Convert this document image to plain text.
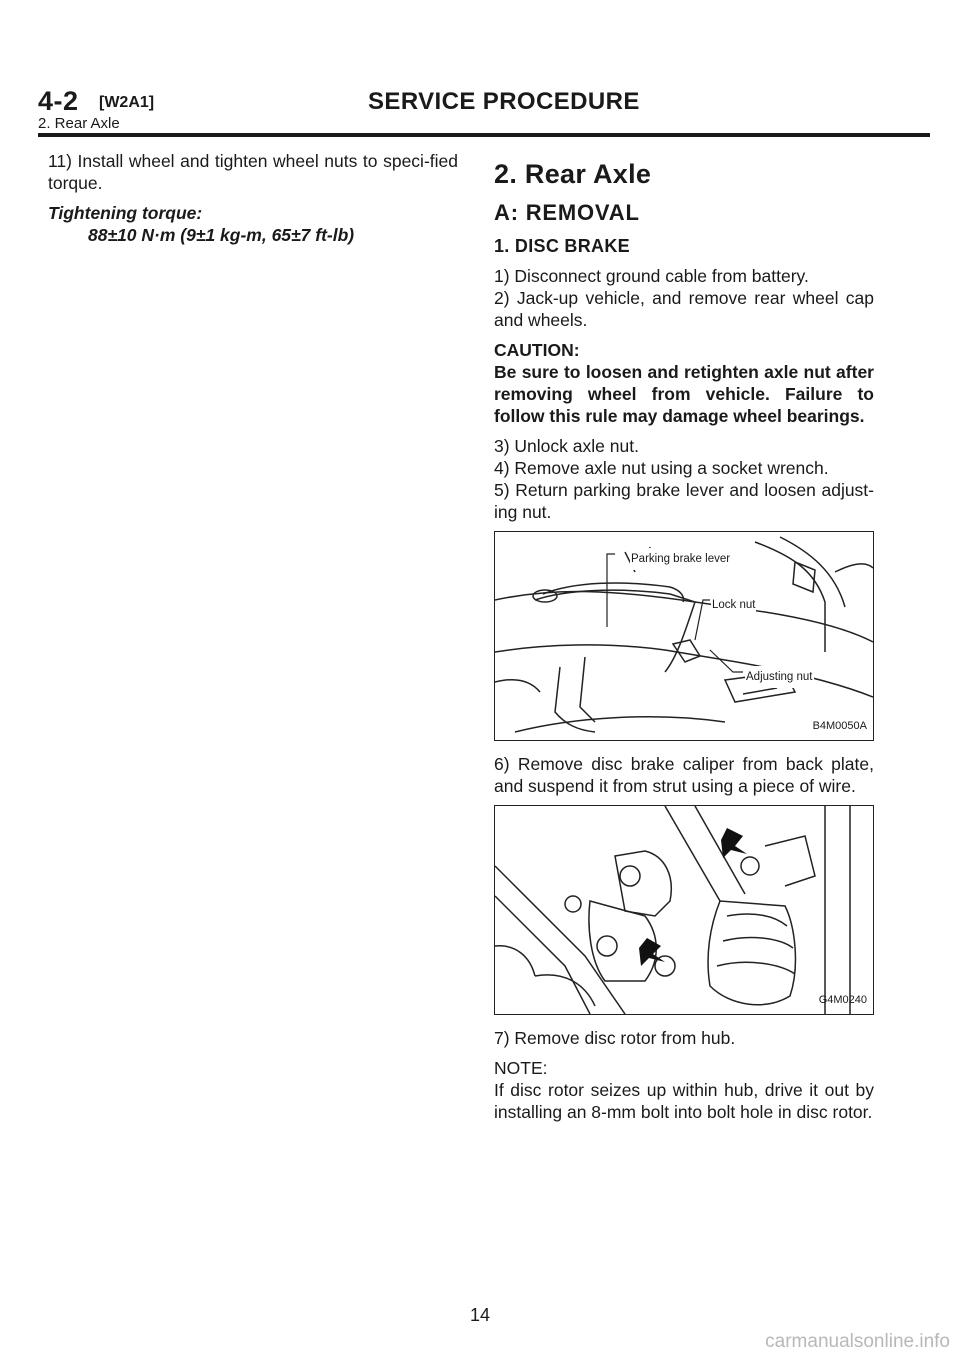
4-2 [W2A1]	SERVICE PROCEDURE
2. Rear Axle

11) Install wheel and tighten wheel nuts to speci-fied torque.

Tightening torque:

88±10 N·m (9±1 kg-m, 65±7 ft-lb)

2. Rear Axle
A: REMOVAL
1. DISC BRAKE

1) Disconnect ground cable from battery.

2) Jack-up vehicle, and remove rear wheel cap and wheels.

CAUTION:

Be sure to loosen and retighten axle nut after removing wheel from vehicle. Failure to follow this rule may damage wheel bearings.

3) Unlock axle nut.

4) Remove axle nut using a socket wrench.

5) Return parking brake lever and loosen adjust-ing nut.

Parking brake lever
Lock nut
Adjusting nut
B4M0050A

6) Remove disc brake caliper from back plate, and suspend it from strut using a piece of wire.

G4M0240

7) Remove disc rotor from hub.

NOTE:

If disc rotor seizes up within hub, drive it out by installing an 8-mm bolt into bolt hole in disc rotor.

14
carmanualsonline.info
